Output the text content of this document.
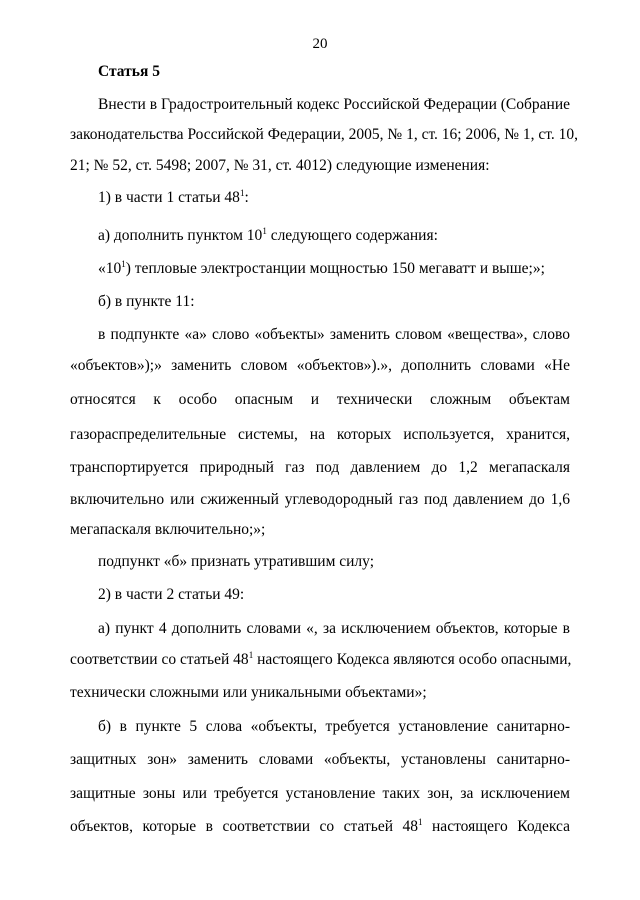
20
Статья 5
Внести в Градостроительный кодекс Российской Федерации (Собрание
законодательства Российской Федерации, 2005, № 1, ст. 16; 2006, № 1, ст. 10,
21; № 52, ст. 5498; 2007, № 31, ст. 4012) следующие изменения:
1) в части 1 статьи $48^1$:
а) дополнить пунктом $10^1$ следующего содержания:
«$10^1$) тепловые электростанции мощностью 150 мегаватт и выше;»;
б) в пункте 11:
в подпункте «а» слово «объекты» заменить словом «вещества», слово
«объектов»);» заменить словом «объектов»).», дополнить словами «Не
относятся к особо опасным и технически сложным объектам
газораспределительные системы, на которых используется, хранится,
транспортируется природный газ под давлением до 1,2 мегапаскаля
включительно или сжиженный углеводородный газ под давлением до 1,6
мегапаскаля включительно;»;
подпункт «б» признать утратившим силу;
2) в части 2 статьи 49:
а) пункт 4 дополнить словами «, за исключением объектов, которые в
соответствии со статьей $48^1$ настоящего Кодекса являются особо опасными,
технически сложными или уникальными объектами»;
б) в пункте 5 слова «объекты, требуется установление санитарно-
защитных зон» заменить словами «объекты, установлены санитарно-
защитные зоны или требуется установление таких зон, за исключением
объектов, которые в соответствии со статьей $48^1$ настоящего Кодекса
